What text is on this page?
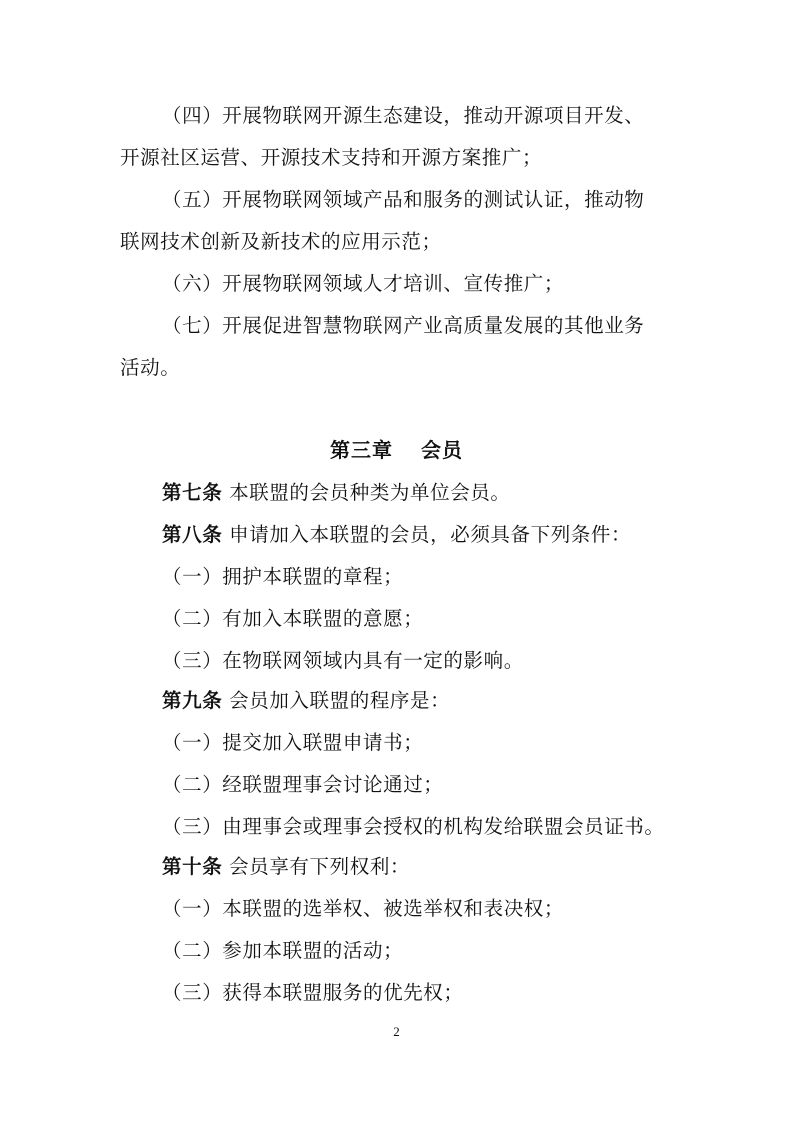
（四）开展物联网开源生态建设，推动开源项目开发、
开源社区运营、开源技术支持和开源方案推广；
（五）开展物联网领域产品和服务的测试认证，推动物
联网技术创新及新技术的应用示范；
（六）开展物联网领域人才培训、宣传推广；
（七）开展促进智慧物联网产业高质量发展的其他业务
活动。
第三章 会员
第七条 本联盟的会员种类为单位会员。
第八条 申请加入本联盟的会员，必须具备下列条件：
（一）拥护本联盟的章程；
（二）有加入本联盟的意愿；
（三）在物联网领域内具有一定的影响。
第九条 会员加入联盟的程序是：
（一）提交加入联盟申请书；
（二）经联盟理事会讨论通过；
（三）由理事会或理事会授权的机构发给联盟会员证书。
第十条 会员享有下列权利：
（一）本联盟的选举权、被选举权和表决权；
（二）参加本联盟的活动；
（三）获得本联盟服务的优先权；
2
